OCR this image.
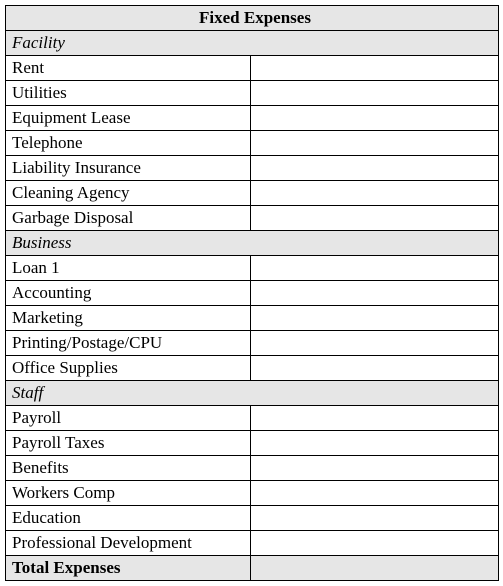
Fixed Expenses	
Facility	
Rent	
Utilities	
Equipment Lease	
Telephone	
Liability Insurance	
Cleaning Agency	
Garbage Disposal	
Business	
Loan 1	
Accounting	
Marketing	
Printing/Postage/CPU	
Office Supplies	
Staff	
Payroll	
Payroll Taxes	
Benefits	
Workers Comp	
Education	
Professional Development	
Total Expenses	
